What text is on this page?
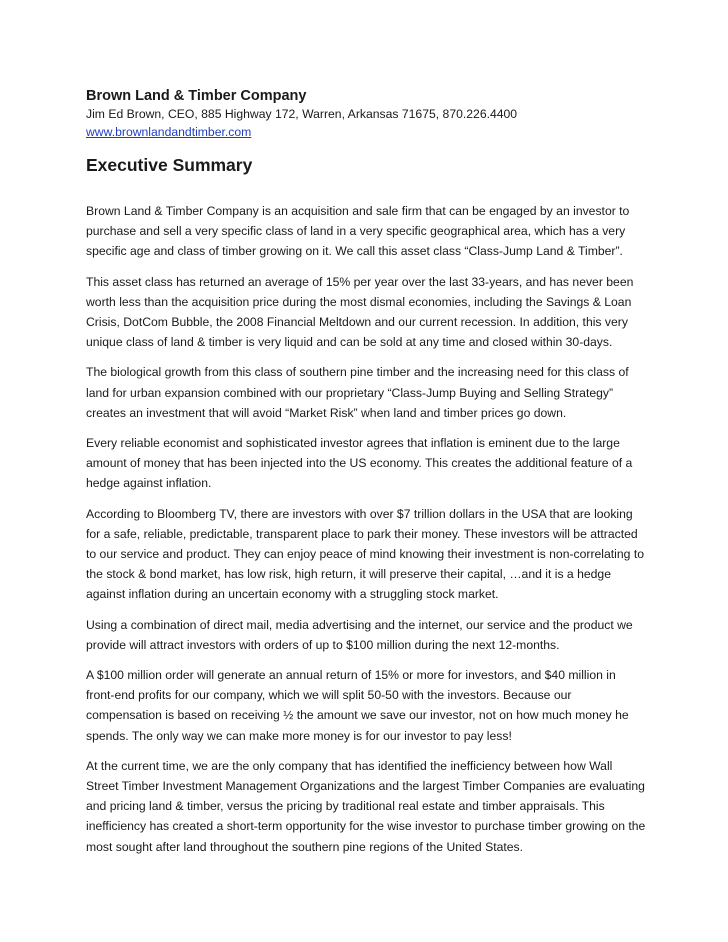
Brown Land & Timber Company

Jim Ed Brown, CEO, 885 Highway 172, Warren, Arkansas 71675, 870.226.4400

www.brownlandandtimber.com
Executive Summary

Brown Land & Timber Company is an acquisition and sale firm that can be engaged by an investor to purchase and sell a very specific class of land in a very specific geographical area, which has a very specific age and class of timber growing on it. We call this asset class “Class-Jump Land & Timber”.

This asset class has returned an average of 15% per year over the last 33-years, and has never been worth less than the acquisition price during the most dismal economies, including the Savings & Loan Crisis, DotCom Bubble, the 2008 Financial Meltdown and our current recession. In addition, this very unique class of land & timber is very liquid and can be sold at any time and closed within 30-days.

The biological growth from this class of southern pine timber and the increasing need for this class of land for urban expansion combined with our proprietary “Class-Jump Buying and Selling Strategy” creates an investment that will avoid “Market Risk” when land and timber prices go down.

Every reliable economist and sophisticated investor agrees that inflation is eminent due to the large amount of money that has been injected into the US economy. This creates the additional feature of a hedge against inflation.

According to Bloomberg TV, there are investors with over $7 trillion dollars in the USA that are looking for a safe, reliable, predictable, transparent place to park their money. These investors will be attracted to our service and product. They can enjoy peace of mind knowing their investment is non-correlating to the stock & bond market, has low risk, high return, it will preserve their capital, …and it is a hedge against inflation during an uncertain economy with a struggling stock market.

Using a combination of direct mail, media advertising and the internet, our service and the product we provide will attract investors with orders of up to $100 million during the next 12-months.

A $100 million order will generate an annual return of 15% or more for investors, and $40 million in front-end profits for our company, which we will split 50-50 with the investors. Because our compensation is based on receiving ½ the amount we save our investor, not on how much money he spends. The only way we can make more money is for our investor to pay less!

At the current time, we are the only company that has identified the inefficiency between how Wall Street Timber Investment Management Organizations and the largest Timber Companies are evaluating and pricing land & timber, versus the pricing by traditional real estate and timber appraisals. This inefficiency has created a short-term opportunity for the wise investor to purchase timber growing on the most sought after land throughout the southern pine regions of the United States.
